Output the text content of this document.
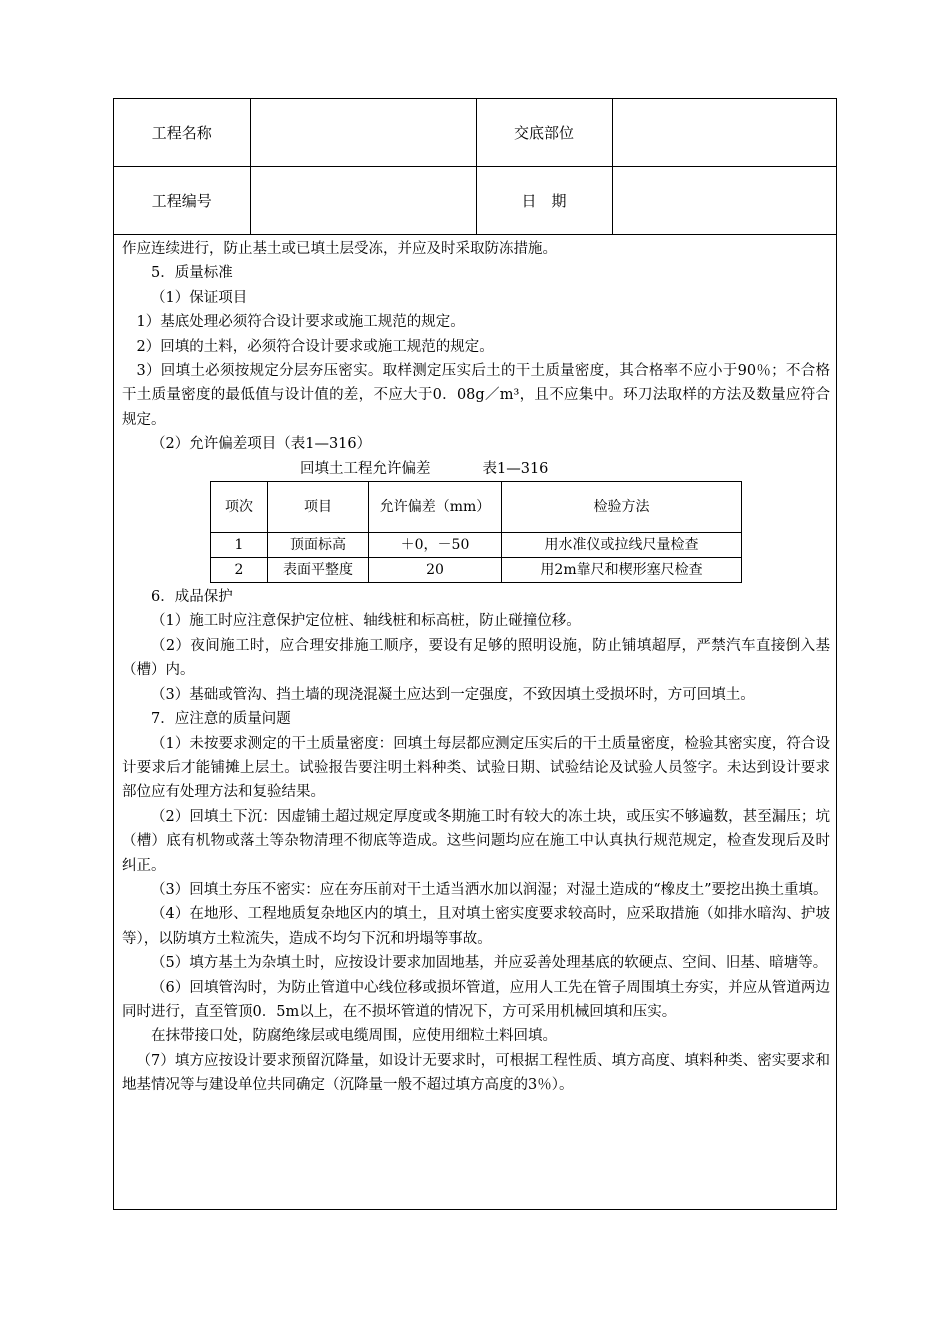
工程名称		交底部位	
工程编号		日　期	

作应连续进行，防止基土或已填土层受冻，并应及时采取防冻措施。

5．质量标准

（1）保证项目

1）基底处理必须符合设计要求或施工规范的规定。

2）回填的土料，必须符合设计要求或施工规范的规定。

3）回填土必须按规定分层夯压密实。取样测定压实后土的干土质量密度，其合格率不应小于90％；不合格干土质量密度的最低值与设计值的差，不应大于0．08g／m³，且不应集中。环刀法取样的方法及数量应符合规定。

（2）允许偏差项目（表1—316）

回填土工程允许偏差	表1—316

项次	项目	允许偏差（mm）	检验方法
1	顶面标高	＋0，－50	用水准仪或拉线尺量检查
2	表面平整度	20	用2m靠尺和楔形塞尺检查

6．成品保护

（1）施工时应注意保护定位桩、轴线桩和标高桩，防止碰撞位移。

（2）夜间施工时，应合理安排施工顺序，要设有足够的照明设施，防止铺填超厚，严禁汽车直接倒入基（槽）内。

（3）基础或管沟、挡土墙的现浇混凝土应达到一定强度，不致因填土受损坏时，方可回填土。

7．应注意的质量问题

（1）未按要求测定的干土质量密度：回填土每层都应测定压实后的干土质量密度，检验其密实度，符合设计要求后才能铺摊上层土。试验报告要注明土料种类、试验日期、试验结论及试验人员签字。未达到设计要求部位应有处理方法和复验结果。

（2）回填土下沉：因虚铺土超过规定厚度或冬期施工时有较大的冻土块，或压实不够遍数，甚至漏压；坑（槽）底有机物或落土等杂物清理不彻底等造成。这些问题均应在施工中认真执行规范规定，检查发现后及时纠正。

（3）回填土夯压不密实：应在夯压前对干土适当洒水加以润湿；对湿土造成的“橡皮土”要挖出换土重填。

（4）在地形、工程地质复杂地区内的填土，且对填土密实度要求较高时，应采取措施（如排水暗沟、护坡等），以防填方土粒流失，造成不均匀下沉和坍塌等事故。

（5）填方基土为杂填土时，应按设计要求加固地基，并应妥善处理基底的软硬点、空间、旧基、暗塘等。

（6）回填管沟时，为防止管道中心线位移或损坏管道，应用人工先在管子周围填土夯实，并应从管道两边同时进行，直至管顶0．5m以上，在不损坏管道的情况下，方可采用机械回填和压实。

在抹带接口处，防腐绝缘层或电缆周围，应使用细粒土料回填。

（7）填方应按设计要求预留沉降量，如设计无要求时，可根据工程性质、填方高度、填料种类、密实要求和地基情况等与建设单位共同确定（沉降量一般不超过填方高度的3％）。
